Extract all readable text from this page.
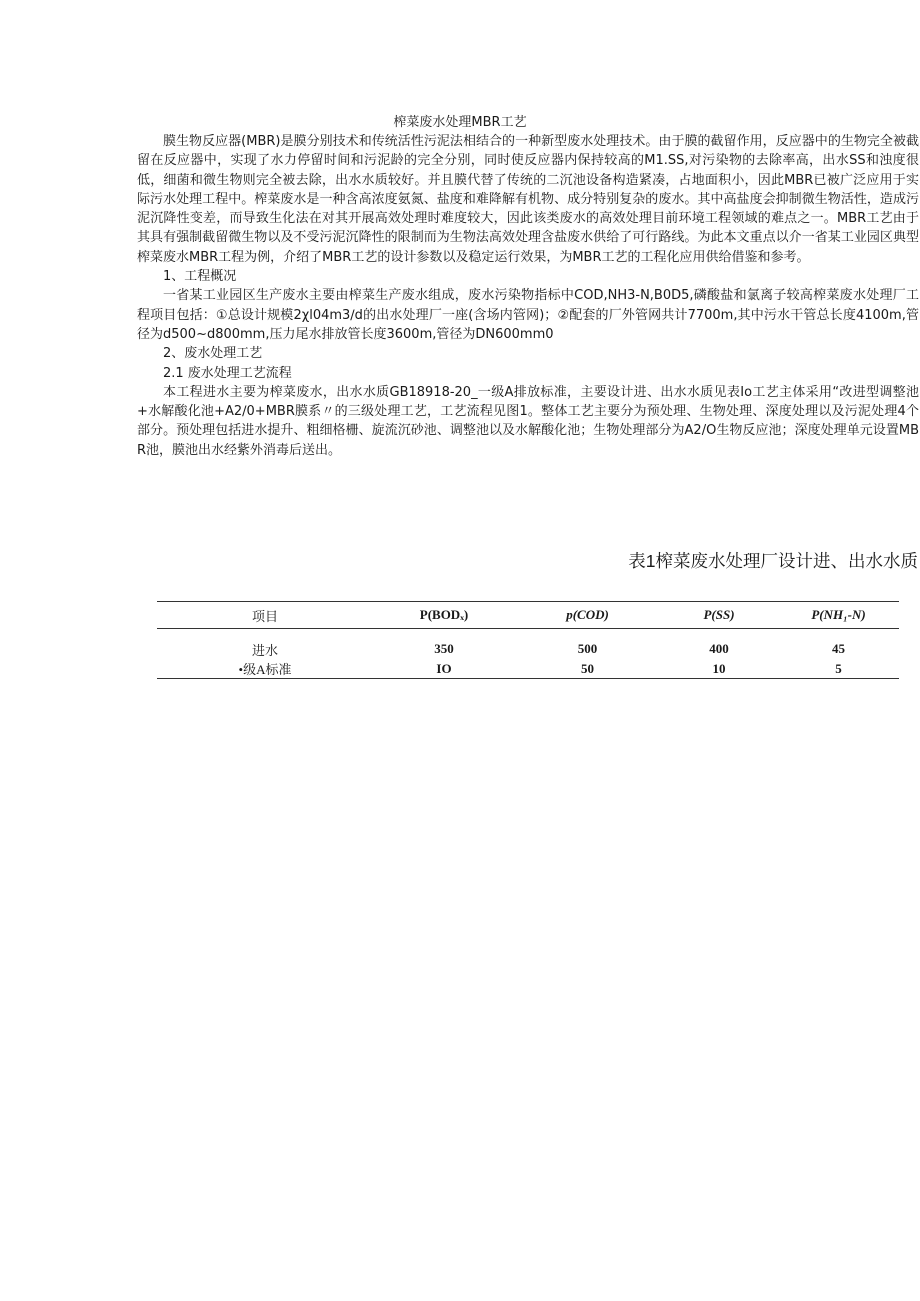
榨菜废水处理MBR工艺

膜生物反应器(MBR)是膜分别技术和传统活性污泥法相结合的一种新型废水处理技术。由于膜的截留作用，反应器中的生物完全被截留在反应器中，实现了水力停留时间和污泥龄的完全分别，同时使反应器内保持较高的M1.SS,对污染物的去除率高，出水SS和浊度很低，细菌和微生物则完全被去除，出水水质较好。并且膜代替了传统的二沉池设备构造紧凑，占地面积小，因此MBR已被广泛应用于实际污水处理工程中。榨菜废水是一种含高浓度氨氮、盐度和难降解有机物、成分特别复杂的废水。其中高盐度会抑制微生物活性，造成污泥沉降性变差，而导致生化法在对其开展高效处理时难度较大，因此该类废水的高效处理目前环境工程领域的难点之一。MBR工艺由于其具有强制截留微生物以及不受污泥沉降性的限制而为生物法高效处理含盐废水供给了可行路线。为此本文重点以介一省某工业园区典型榨菜废水MBR工程为例，介绍了MBR工艺的设计参数以及稳定运行效果，为MBR工艺的工程化应用供给借鉴和参考。

1、工程概况

一省某工业园区生产废水主要由榨菜生产废水组成，废水污染物指标中COD,NH3-N,B0D5,磷酸盐和氯离子较高榨菜废水处理厂工程项目包括：①总设计规模2χl04m3∕d的出水处理厂一座(含场内管网)；②配套的厂外管网共计7700m,其中污水干管总长度4100m,管径为d500~d800mm,压力尾水排放管长度3600m,管径为DN600mm0

2、废水处理工艺

2.1 废水处理工艺流程

本工程进水主要为榨菜废水，出水水质GB18918-20_一级A排放标准，主要设计进、出水水质见表Io工艺主体采用“改进型调整池+水解酸化池+A2∕0+MBR膜系〃的三级处理工艺，工艺流程见图1。整体工艺主要分为预处理、生物处理、深度处理以及污泥处理4个部分。预处理包括进水提升、粗细格栅、旋流沉砂池、调整池以及水解酸化池；生物处理部分为A2/O生物反应池；深度处理单元设置MBR池，膜池出水经紫外消毒后送出。

表1榨菜废水处理厂设计进、出水水质
项目	P(BODₓ)	p(COD)	P(SS)	P(NH₁-N)
进水	350	500	400	45
•级A标准	IO	50	10	5
